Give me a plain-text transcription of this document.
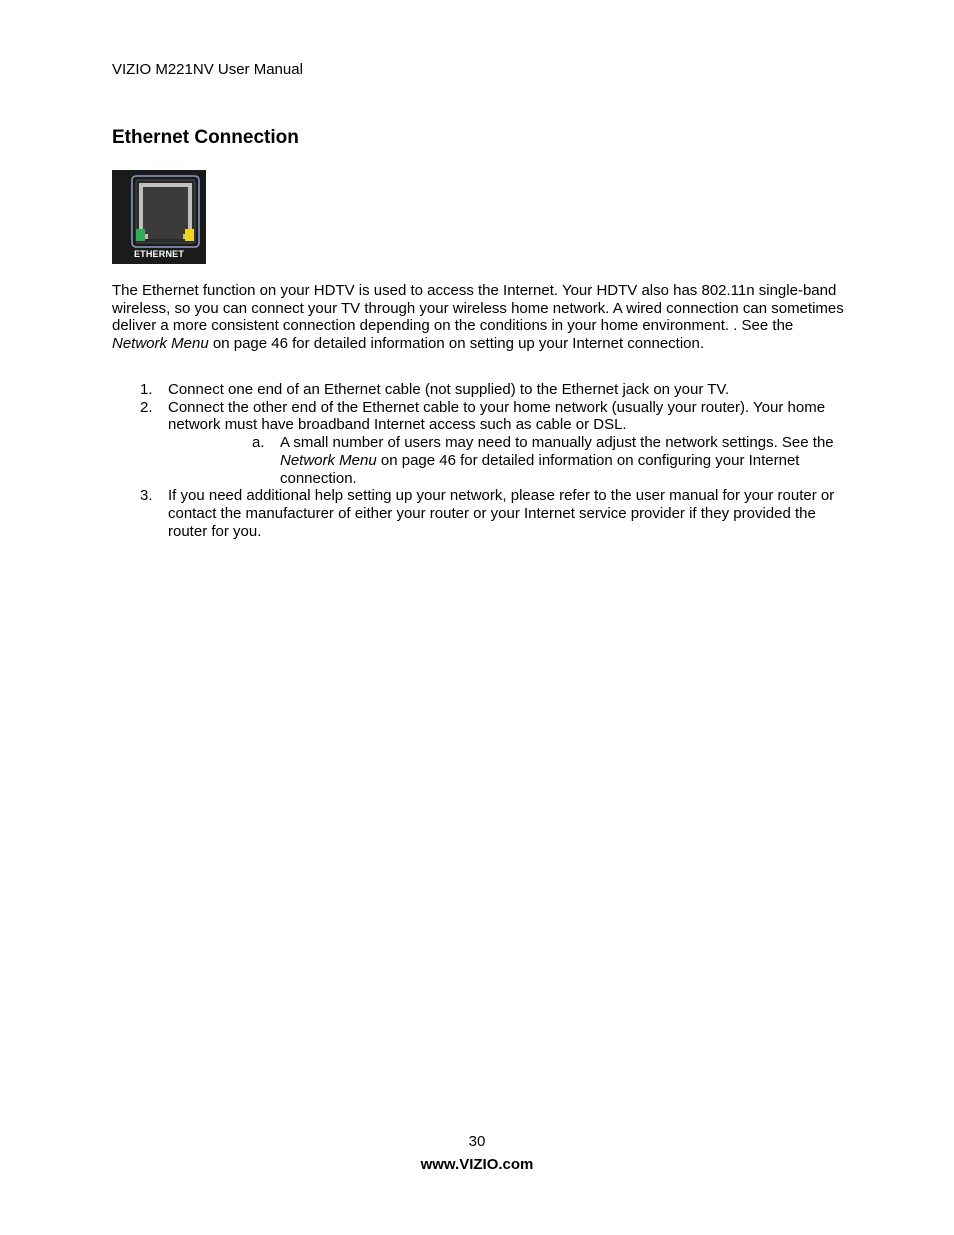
VIZIO M221NV User Manual
Ethernet Connection
ETHERNET

The Ethernet function on your HDTV is used to access the Internet. Your HDTV also has 802.11n single-band wireless, so you can connect your TV through your wireless home network. A wired connection can sometimes deliver a more consistent connection depending on the conditions in your home environment. . See the Network Menu on page 46 for detailed information on setting up your Internet connection.

1. Connect one end of an Ethernet cable (not supplied) to the Ethernet jack on your TV.
2. Connect the other end of the Ethernet cable to your home network (usually your router). Your home network must have broadband Internet access such as cable or DSL.
a. A small number of users may need to manually adjust the network settings. See the Network Menu on page 46 for detailed information on configuring your Internet connection.
3. If you need additional help setting up your network, please refer to the user manual for your router or contact the manufacturer of either your router or your Internet service provider if they provided the router for you.
30
www.VIZIO.com
